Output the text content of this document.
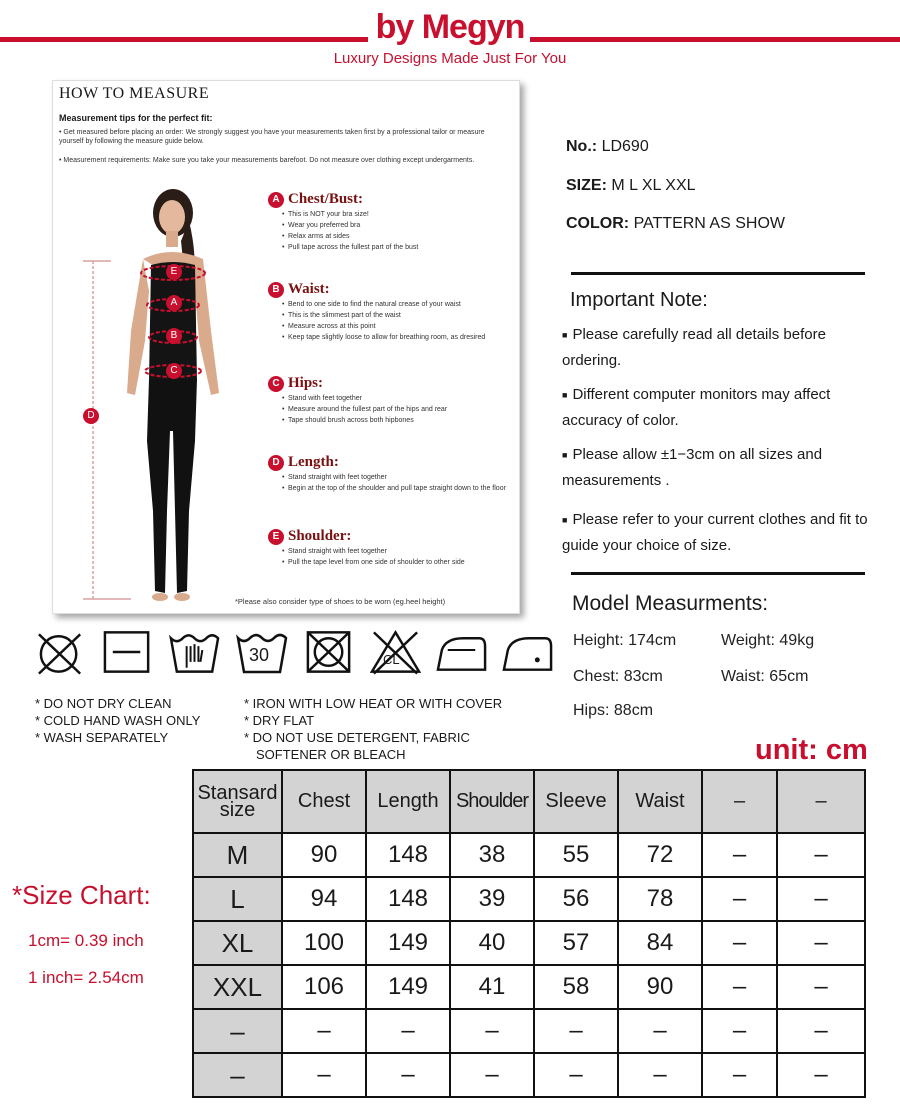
by Megyn
Luxury Designs Made Just For You
HOW TO MEASURE
Measurement tips for the perfect fit:
• Get measured before placing an order: We strongly suggest you have your measurements taken first by a professional tailor or measure yourself by following the measure guide below.
• Measurement requirements: Make sure you take your measurements barefoot. Do not measure over clothing except undergarments.
E
A
B
C
D
A Chest/Bust:
• This is NOT your bra size!
• Wear you preferred bra
• Relax arms at sides
• Pull tape across the fullest part of the bust
B Waist:
• Bend to one side to find the natural crease of your waist
• This is the slimmest part of the waist
• Measure across at this point
• Keep tape slightly loose to allow for breathing room, as dresired
C Hips:
• Stand with feet together
• Measure around the fullest part of the hips and rear
• Tape should brush across both hipbones
D Length:
• Stand straight with feet together
• Begin at the top of the shoulder and pull tape straight down to the floor
E Shoulder:
• Stand straight with feet together
• Pull the tape level from one side of shoulder to other side
*Please also consider type of shoes to be worn (eg.heel height)
No.: LD690
SIZE: M L XL XXL
COLOR: PATTERN AS SHOW
Important Note:
■ Please carefully read all details before ordering.
■ Different computer monitors may affect accuracy of color.
■ Please allow ±1−3cm on all sizes and measurements .
■ Please refer to your current clothes and fit to guide your choice of size.
Model Measurments:
Height: 174cm	Weight: 49kg
Chest: 83cm	Waist: 65cm
Hips: 88cm
30	CL
* DO NOT DRY CLEAN
* COLD HAND WASH ONLY
* WASH SEPARATELY
* IRON WITH LOW HEAT OR WITH COVER
* DRY FLAT
* DO NOT USE DETERGENT, FABRIC
SOFTENER OR BLEACH	unit: cm
*Size Chart:
1cm= 0.39 inch
1 inch= 2.54cm
Stansard
size	Chest	Length	Shoulder	Sleeve	Waist	–	–
M	90	148	38	55	72	–	–
L	94	148	39	56	78	–	–
XL	100	149	40	57	84	–	–
XXL	106	149	41	58	90	–	–
–	–	–	–	–	–	–	–
–	–	–	–	–	–	–	–
